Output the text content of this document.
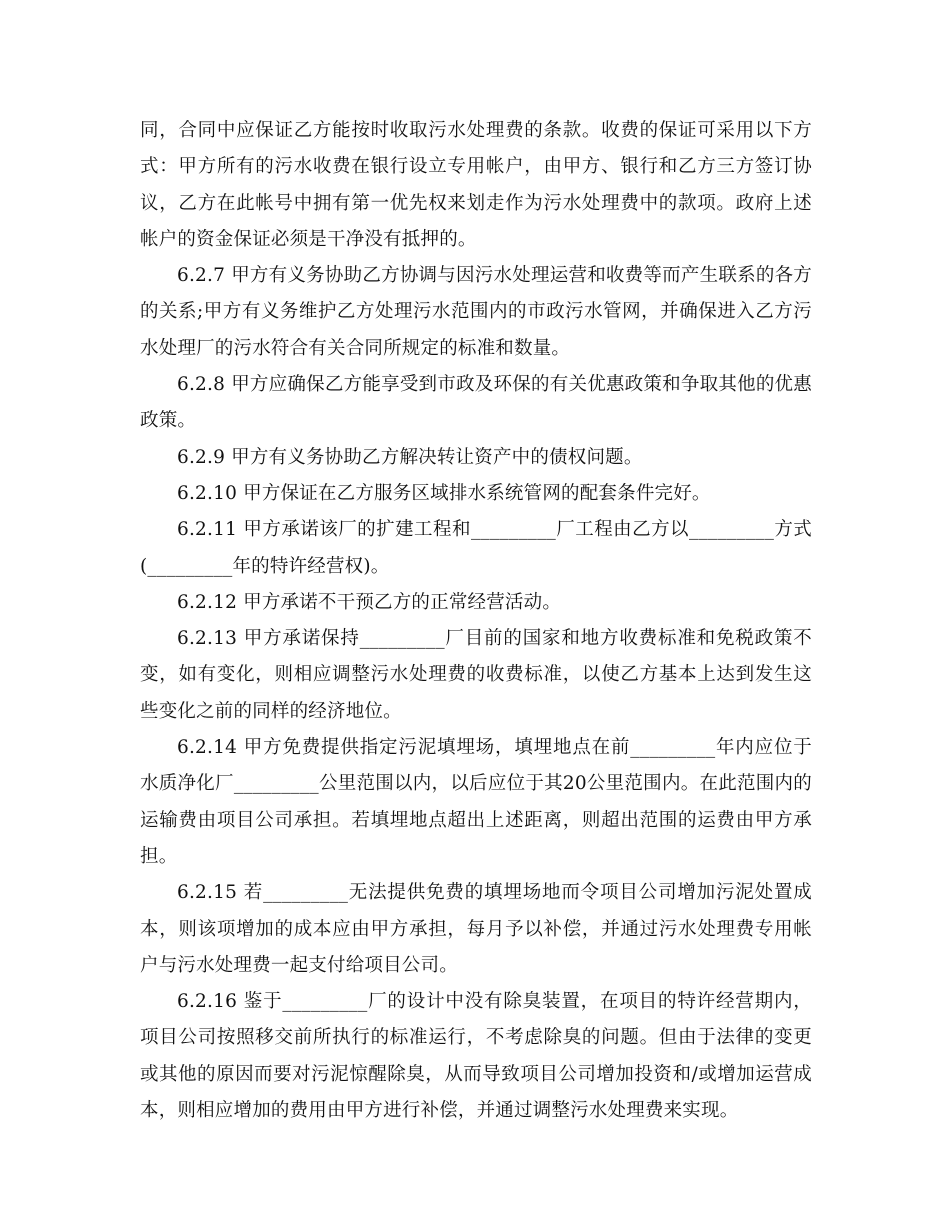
同，合同中应保证乙方能按时收取污水处理费的条款。收费的保证可采用以下方式：甲方所有的污水收费在银行设立专用帐户，由甲方、银行和乙方三方签订协议，乙方在此帐号中拥有第一优先权来划走作为污水处理费中的款项。政府上述帐户的资金保证必须是干净没有抵押的。

6.2.7 甲方有义务协助乙方协调与因污水处理运营和收费等而产生联系的各方的关系;甲方有义务维护乙方处理污水范围内的市政污水管网，并确保进入乙方污水处理厂的污水符合有关合同所规定的标准和数量。

6.2.8 甲方应确保乙方能享受到市政及环保的有关优惠政策和争取其他的优惠政策。

6.2.9 甲方有义务协助乙方解决转让资产中的债权问题。

6.2.10 甲方保证在乙方服务区域排水系统管网的配套条件完好。

6.2.11 甲方承诺该厂的扩建工程和_________厂工程由乙方以_________方式(_________年的特许经营权)。

6.2.12 甲方承诺不干预乙方的正常经营活动。

6.2.13 甲方承诺保持_________厂目前的国家和地方收费标准和免税政策不变，如有变化，则相应调整污水处理费的收费标准，以使乙方基本上达到发生这些变化之前的同样的经济地位。

6.2.14 甲方免费提供指定污泥填埋场，填埋地点在前_________年内应位于水质净化厂_________公里范围以内，以后应位于其20公里范围内。在此范围内的运输费由项目公司承担。若填埋地点超出上述距离，则超出范围的运费由甲方承担。

6.2.15 若_________无法提供免费的填埋场地而令项目公司增加污泥处置成本，则该项增加的成本应由甲方承担，每月予以补偿，并通过污水处理费专用帐户与污水处理费一起支付给项目公司。

6.2.16 鉴于_________厂的设计中没有除臭装置，在项目的特许经营期内，项目公司按照移交前所执行的标准运行，不考虑除臭的问题。但由于法律的变更或其他的原因而要对污泥惊醒除臭，从而导致项目公司增加投资和/或增加运营成本，则相应增加的费用由甲方进行补偿，并通过调整污水处理费来实现。
